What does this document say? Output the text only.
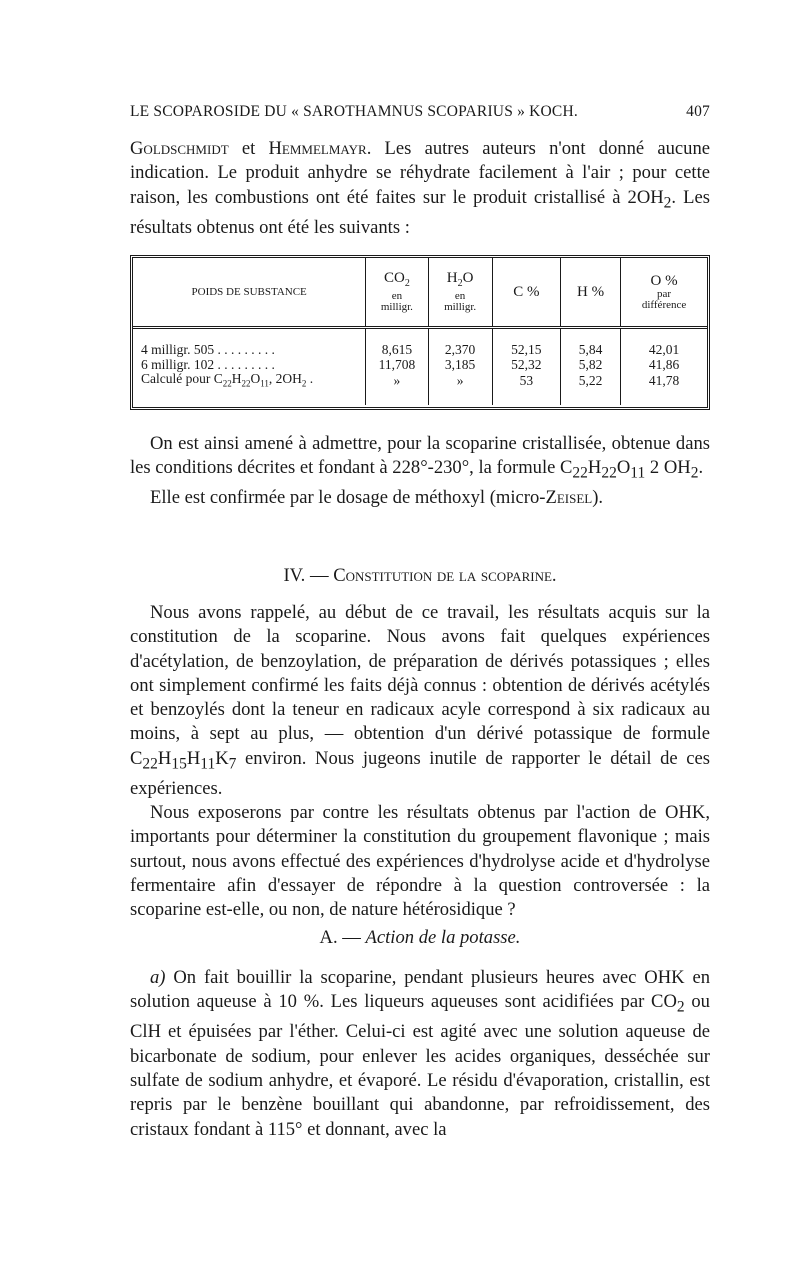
LE SCOPAROSIDE DU « SAROTHAMNUS SCOPARIUS » KOCH.	407

Goldschmidt et Hemmelmayr. Les autres auteurs n'ont donné aucune indication. Le produit anhydre se réhydrate facilement à l'air ; pour cette raison, les combustions ont été faites sur le produit cristallisé à $2OH_2$. Les résultats obtenus ont été les suivants :

POIDS DE SUBSTANCE	$CO_2$
en
milligr.	$H_2O$
en
milligr.	C %	H %	O %
par
différence

4 milligr. 505 . . . . . . . . .	8,615	2,370	52,15	5,84	42,01
6 milligr. 102 . . . . . . . . .	11,708	3,185	52,32	5,82	41,86
Calculé pour $C_{22}H_{22}O_{11}$, $2OH_2$ .	»	»	53	5,22	41,78

On est ainsi amené à admettre, pour la scoparine cristallisée, obtenue dans les conditions décrites et fondant à 228°-230°, la formule $C_{22}H_{22}O_{11}$ 2 $OH_2$.

Elle est confirmée par le dosage de méthoxyl (micro-Zeisel).

IV. — Constitution de la scoparine.

Nous avons rappelé, au début de ce travail, les résultats acquis sur la constitution de la scoparine. Nous avons fait quelques expériences d'acétylation, de benzoylation, de préparation de dérivés potassiques ; elles ont simplement confirmé les faits déjà connus : obtention de dérivés acétylés et benzoylés dont la teneur en radicaux acyle correspond à six radicaux au moins, à sept au plus, — obtention d'un dérivé potassique de formule $C_{22}H_{15}H_{11}K_7$ environ. Nous jugeons inutile de rapporter le détail de ces expériences.

Nous exposerons par contre les résultats obtenus par l'action de OHK, importants pour déterminer la constitution du groupement flavonique ; mais surtout, nous avons effectué des expériences d'hydrolyse acide et d'hydrolyse fermentaire afin d'essayer de répondre à la question controversée : la scoparine est-elle, ou non, de nature hétérosidique ?

A. — Action de la potasse.

a) On fait bouillir la scoparine, pendant plusieurs heures avec OHK en solution aqueuse à 10 %. Les liqueurs aqueuses sont acidifiées par $CO_2$ ou ClH et épuisées par l'éther. Celui-ci est agité avec une solution aqueuse de bicarbonate de sodium, pour enlever les acides organiques, desséchée sur sulfate de sodium anhydre, et évaporé. Le résidu d'évaporation, cristallin, est repris par le benzène bouillant qui abandonne, par refroidissement, des cristaux fondant à 115° et donnant, avec la
